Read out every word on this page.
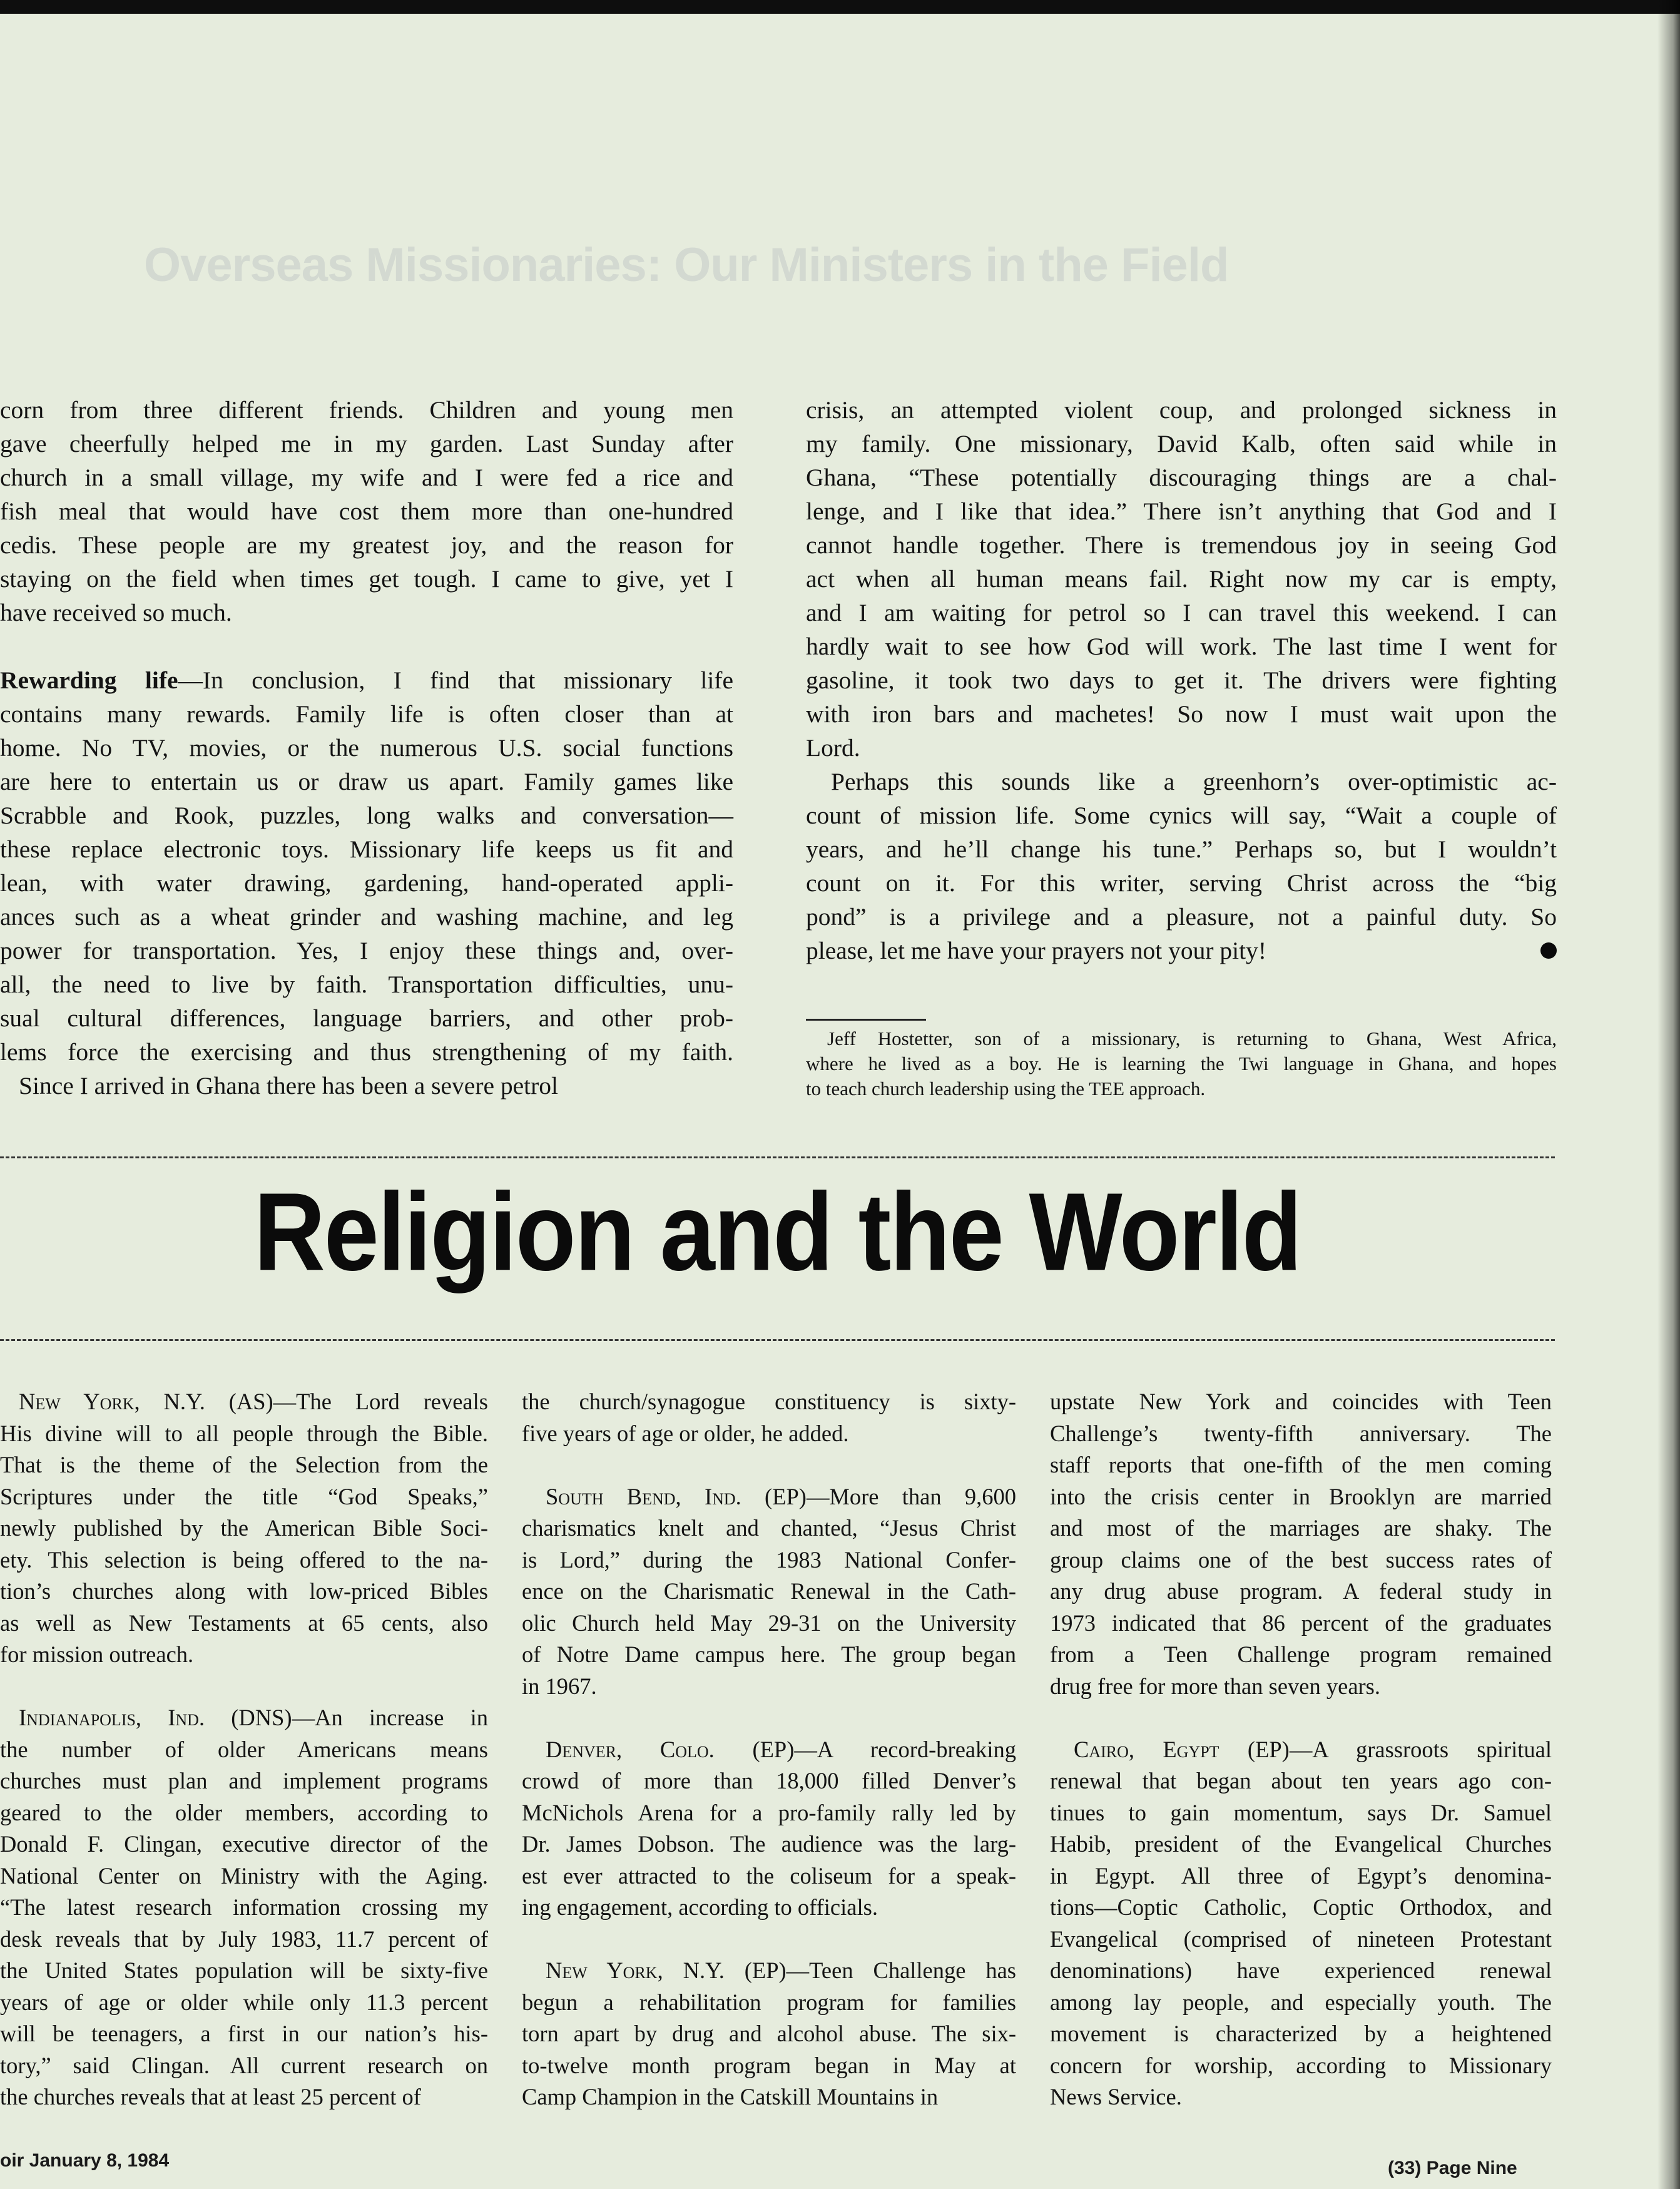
Overseas Missionaries: Our Ministers in the Field

corn from three different friends. Children and young men

gave cheerfully helped me in my garden. Last Sunday after

church in a small village, my wife and I were fed a rice and

fish meal that would have cost them more than one-hundred

cedis. These people are my greatest joy, and the reason for

staying on the field when times get tough. I came to give, yet I

have received so much.

Rewarding life—In conclusion, I find that missionary life

contains many rewards. Family life is often closer than at

home. No TV, movies, or the numerous U.S. social functions

are here to entertain us or draw us apart. Family games like

Scrabble and Rook, puzzles, long walks and conversation—

these replace electronic toys. Missionary life keeps us fit and

lean, with water drawing, gardening, hand-operated appli-

ances such as a wheat grinder and washing machine, and leg

power for transportation. Yes, I enjoy these things and, over-

all, the need to live by faith. Transportation difficulties, unu-

sual cultural differences, language barriers, and other prob-

lems force the exercising and thus strengthening of my faith.

Since I arrived in Ghana there has been a severe petrol

crisis, an attempted violent coup, and prolonged sickness in

my family. One missionary, David Kalb, often said while in

Ghana, “These potentially discouraging things are a chal-

lenge, and I like that idea.” There isn’t anything that God and I

cannot handle together. There is tremendous joy in seeing God

act when all human means fail. Right now my car is empty,

and I am waiting for petrol so I can travel this weekend. I can

hardly wait to see how God will work. The last time I went for

gasoline, it took two days to get it. The drivers were fighting

with iron bars and machetes! So now I must wait upon the

Lord.

Perhaps this sounds like a greenhorn’s over-optimistic ac-

count of mission life. Some cynics will say, “Wait a couple of

years, and he’ll change his tune.” Perhaps so, but I wouldn’t

count on it. For this writer, serving Christ across the “big

pond” is a privilege and a pleasure, not a painful duty. So

please, let me have your prayers not your pity!

Jeff Hostetter, son of a missionary, is returning to Ghana, West Africa,

where he lived as a boy. He is learning the Twi language in Ghana, and hopes

to teach church leadership using the TEE approach.

Religion and the World

New York, N.Y. (AS)—The Lord reveals

His divine will to all people through the Bible.

That is the theme of the Selection from the

Scriptures under the title “God Speaks,”

newly published by the American Bible Soci-

ety. This selection is being offered to the na-

tion’s churches along with low-priced Bibles

as well as New Testaments at 65 cents, also

for mission outreach.

Indianapolis, Ind. (DNS)—An increase in

the number of older Americans means

churches must plan and implement programs

geared to the older members, according to

Donald F. Clingan, executive director of the

National Center on Ministry with the Aging.

“The latest research information crossing my

desk reveals that by July 1983, 11.7 percent of

the United States population will be sixty-five

years of age or older while only 11.3 percent

will be teenagers, a first in our nation’s his-

tory,” said Clingan. All current research on

the churches reveals that at least 25 percent of

the church/synagogue constituency is sixty-

five years of age or older, he added.

South Bend, Ind. (EP)—More than 9,600

charismatics knelt and chanted, “Jesus Christ

is Lord,” during the 1983 National Confer-

ence on the Charismatic Renewal in the Cath-

olic Church held May 29-31 on the University

of Notre Dame campus here. The group began

in 1967.

Denver, Colo. (EP)—A record-breaking

crowd of more than 18,000 filled Denver’s

McNichols Arena for a pro-family rally led by

Dr. James Dobson. The audience was the larg-

est ever attracted to the coliseum for a speak-

ing engagement, according to officials.

New York, N.Y. (EP)—Teen Challenge has

begun a rehabilitation program for families

torn apart by drug and alcohol abuse. The six-

to-twelve month program began in May at

Camp Champion in the Catskill Mountains in

upstate New York and coincides with Teen

Challenge’s twenty-fifth anniversary. The

staff reports that one-fifth of the men coming

into the crisis center in Brooklyn are married

and most of the marriages are shaky. The

group claims one of the best success rates of

any drug abuse program. A federal study in

1973 indicated that 86 percent of the graduates

from a Teen Challenge program remained

drug free for more than seven years.

Cairo, Egypt (EP)—A grassroots spiritual

renewal that began about ten years ago con-

tinues to gain momentum, says Dr. Samuel

Habib, president of the Evangelical Churches

in Egypt. All three of Egypt’s denomina-

tions—Coptic Catholic, Coptic Orthodox, and

Evangelical (comprised of nineteen Protestant

denominations) have experienced renewal

among lay people, and especially youth. The

movement is characterized by a heightened

concern for worship, according to Missionary

News Service.

oir January 8, 1984	(33) Page Nine
